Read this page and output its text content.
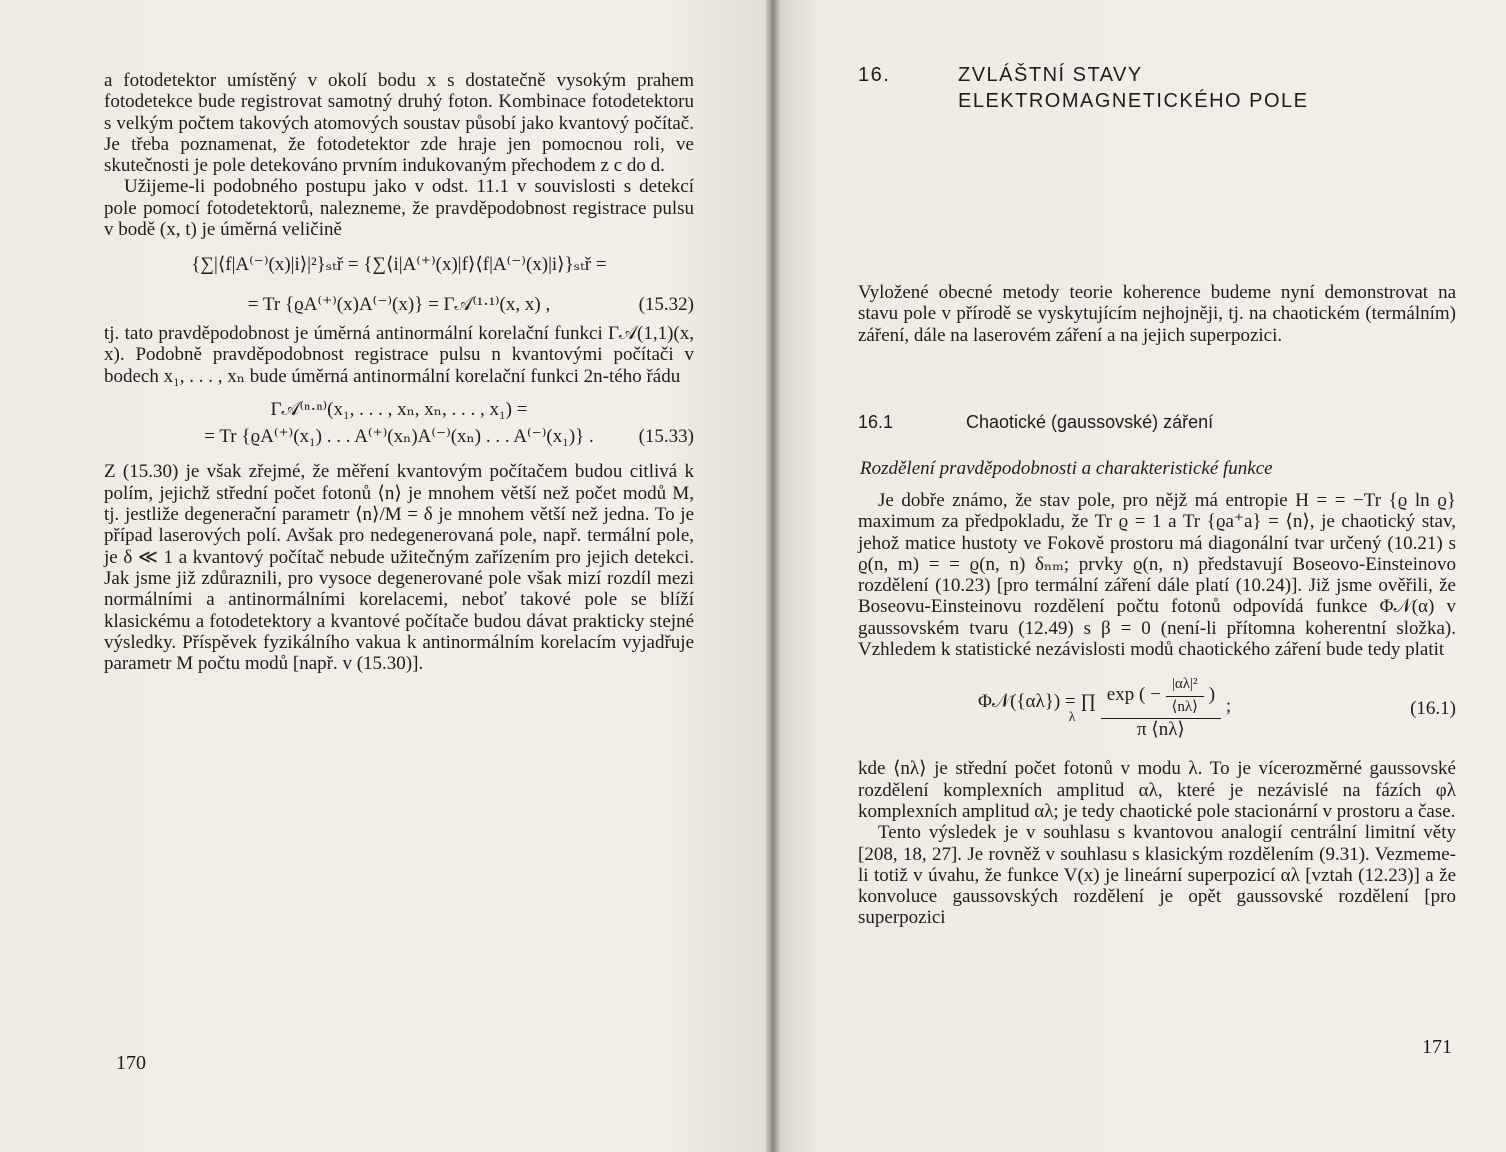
a fotodetektor umístěný v okolí bodu x s dostatečně vysokým prahem fotodetekce bude registrovat samotný druhý foton. Kombinace fotodetektoru s velkým počtem takových atomových soustav působí jako kvantový počítač. Je třeba poznamenat, že fotodetektor zde hraje jen pomocnou roli, ve skutečnosti je pole detekováno prvním indukovaným přechodem z c do d.

Užijeme-li podobného postupu jako v odst. 11.1 v souvislosti s detekcí pole pomocí fotodetektorů, nalezneme, že pravděpodobnost registrace pulsu v bodě (x, t) je úměrná veličině

{∑|⟨f|A⁽⁻⁾(x)|i⟩|²}ₛₜř = {∑⟨i|A⁽⁺⁾(x)|f⟩⟨f|A⁽⁻⁾(x)|i⟩}ₛₜř =
= Tr {ϱA⁽⁺⁾(x)A⁽⁻⁾(x)} = Γ𝒜⁽¹·¹⁾(x, x) ,	(15.32)

tj. tato pravděpodobnost je úměrná antinormální korelační funkci Γ𝒜(1,1)(x, x). Podobně pravděpodobnost registrace pulsu n kvantovými počítači v bodech x₁, . . . , xₙ bude úměrná antinormální korelační funkci 2n-tého řádu

Γ𝒜⁽ⁿ·ⁿ⁾(x₁, . . . , xₙ, xₙ, . . . , x₁) =
= Tr {ϱA⁽⁺⁾(x₁) . . . A⁽⁺⁾(xₙ)A⁽⁻⁾(xₙ) . . . A⁽⁻⁾(x₁)} . (15.33)

Z (15.30) je však zřejmé, že měření kvantovým počítačem budou citlivá k polím, jejichž střední počet fotonů ⟨n⟩ je mnohem větší než počet modů M, tj. jestliže degenerační parametr ⟨n⟩/M = δ je mnohem větší než jedna. To je případ laserových polí. Avšak pro nedegenerovaná pole, např. termální pole, je δ ≪ 1 a kvantový počítač nebude užitečným zařízením pro jejich detekci. Jak jsme již zdůraznili, pro vysoce degenerované pole však mizí rozdíl mezi normálními a antinormálními korelacemi, neboť takové pole se blíží klasickému a fotodetektory a kvantové počítače budou dávat prakticky stejné výsledky. Příspěvek fyzikálního vakua k antinormálním korelacím vyjadřuje parametr M počtu modů [např. v (15.30)].

170
16.	ZVLÁŠTNÍ STAVY
ELEKTROMAGNETICKÉHO POLE

Vyložené obecné metody teorie koherence budeme nyní demonstrovat na stavu pole v přírodě se vyskytujícím nejhojněji, tj. na chaotickém (termálním) záření, dále na laserovém záření a na jejich superpozici.

16.1	Chaotické (gaussovské) záření
Rozdělení pravděpodobnosti a charakteristické funkce

Je dobře známo, že stav pole, pro nějž má entropie H = = −Tr {ϱ ln ϱ} maximum za předpokladu, že Tr ϱ = 1 a Tr {ϱa⁺a} = ⟨n⟩, je chaotický stav, jehož matice hustoty ve Fokově prostoru má diagonální tvar určený (10.21) s ϱ(n, m) = = ϱ(n, n) δₙₘ; prvky ϱ(n, n) představují Boseovo-Einsteinovo rozdělení (10.23) [pro termální záření dále platí (10.24)]. Již jsme ověřili, že Boseovu-Einsteinovu rozdělení počtu fotonů odpovídá funkce Φ𝒩(α) v gaussovském tvaru (12.49) s β = 0 (není-li přítomna koherentní složka). Vzhledem k statistické nezávislosti modů chaotického záření bude tedy platit

Φ𝒩({αλ}) = ∏
λ

exp ( − $\frac{\text{|αλ|²}}{⟨n\lambda⟩}$ )
π ⟨nλ⟩
;	(16.1)

kde ⟨nλ⟩ je střední počet fotonů v modu λ. To je vícerozměrné gaussovské rozdělení komplexních amplitud αλ, které je nezávislé na fázích φλ komplexních amplitud αλ; je tedy chaotické pole stacionární v prostoru a čase.

Tento výsledek je v souhlasu s kvantovou analogií centrální limitní věty [208, 18, 27]. Je rovněž v souhlasu s klasickým rozdělením (9.31). Vezmeme-li totiž v úvahu, že funkce V(x) je lineární superpozicí αλ [vztah (12.23)] a že konvoluce gaussovských rozdělení je opět gaussovské rozdělení [pro superpozici

171
